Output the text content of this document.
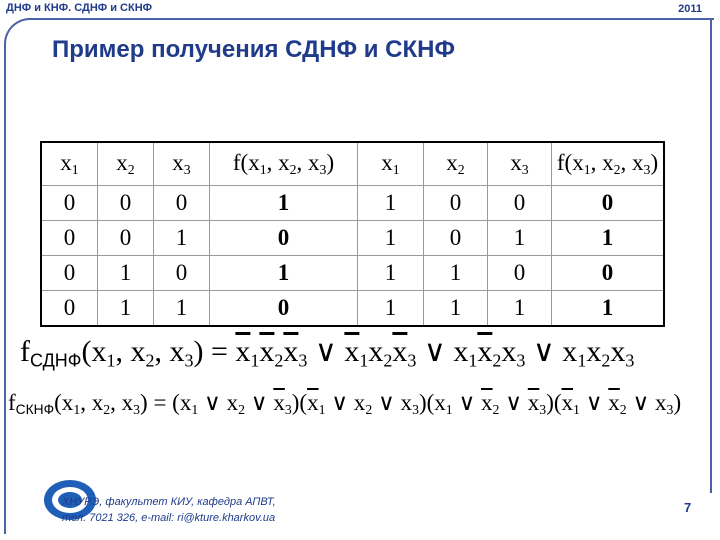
ДНФ и КНФ. СДНФ и СКНФ	2011
Пример получения СДНФ и СКНФ
$x_1$	$x_2$	$x_3$	$f(x_1$, $x_2$, $x_3$)	$x_1$	$x_2$	$x_3$	$f(x_1$, $x_2$, $x_3$)
0	0	0	1	1	0	0	0
0	0	1	0	1	0	1	1
0	1	0	1	1	1	0	0
0	1	1	0	1	1	1	1
$f_{СДНФ}(x_1$, $x_2$, $x_3) = \overline{x}_1\overline{x}_2\overline{x}_3$ ∨ $\overline{x}_1x_2\overline{x}_3$ ∨ $x_1\overline{x}_2x_3$ ∨ $x_1x_2x_3$
$f_{СКНФ}(x_1$, $x_2$, $x_3) = (x_1$ ∨ $x_2$ ∨ $\overline{x}_3)(\overline{x}_1$ ∨ $x_2$ ∨ $x_3)(x_1$ ∨ $\overline{x}_2$ ∨ $\overline{x}_3)(\overline{x}_1$ ∨ $\overline{x}_2$ ∨ $x_3$)
ХНУРЭ, факультет КИУ, кафедра АПВТ,
тел. 7021 326, e-mail: ri@kture.kharkov.ua
7
